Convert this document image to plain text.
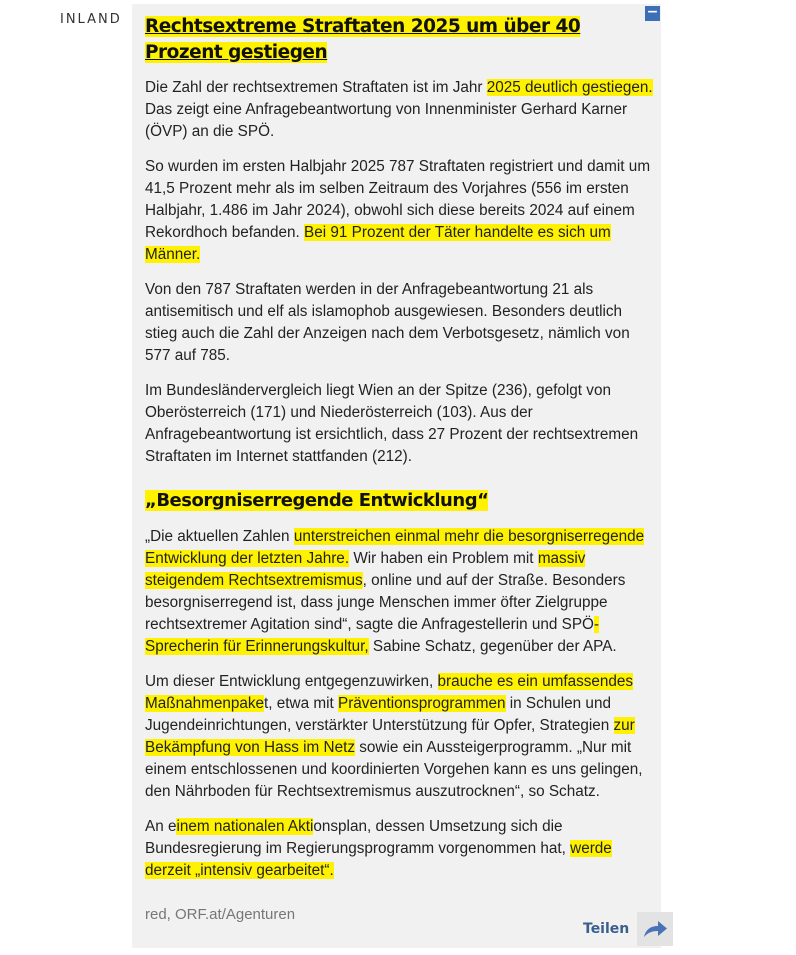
INLAND	−
Rechtsextreme Straftaten 2025 um über 40 Prozent gestiegen

Die Zahl der rechtsextremen Straftaten ist im Jahr 2025 deutlich gestiegen. Das zeigt eine Anfragebeantwortung von Innenminister Gerhard Karner (ÖVP) an die SPÖ.

So wurden im ersten Halbjahr 2025 787 Straftaten registriert und damit um 41,5 Prozent mehr als im selben Zeitraum des Vorjahres (556 im ersten Halbjahr, 1.486 im Jahr 2024), obwohl sich diese bereits 2024 auf einem Rekordhoch befanden. Bei 91 Prozent der Täter handelte es sich um Männer.

Von den 787 Straftaten werden in der Anfragebeantwortung 21 als antisemitisch und elf als islamophob ausgewiesen. Besonders deutlich stieg auch die Zahl der Anzeigen nach dem Verbotsgesetz, nämlich von 577 auf 785.

Im Bundesländervergleich liegt Wien an der Spitze (236), gefolgt von Oberösterreich (171) und Niederösterreich (103). Aus der Anfragebeantwortung ist ersichtlich, dass 27 Prozent der rechtsextremen Straftaten im Internet stattfanden (212).

„Besorgniserregende Entwicklung“

„Die aktuellen Zahlen unterstreichen einmal mehr die besorgniserregende Entwicklung der letzten Jahre. Wir haben ein Problem mit massiv steigendem Rechtsextremismus, online und auf der Straße. Besonders besorgniserregend ist, dass junge Menschen immer öfter Zielgruppe rechtsextremer Agitation sind“, sagte die Anfragestellerin und SPÖ-Sprecherin für Erinnerungskultur, Sabine Schatz, gegenüber der APA.

Um dieser Entwicklung entgegenzuwirken, brauche es ein umfassendes Maßnahmenpaket, etwa mit Präventionsprogrammen in Schulen und Jugendeinrichtungen, verstärkter Unterstützung für Opfer, Strategien zur Bekämpfung von Hass im Netz sowie ein Aussteigerprogramm. „Nur mit einem entschlossenen und koordinierten Vorgehen kann es uns gelingen, den Nährboden für Rechtsextremismus auszutrocknen“, so Schatz.

An einem nationalen Aktionsplan, dessen Umsetzung sich die Bundesregierung im Regierungsprogramm vorgenommen hat, werde derzeit „intensiv gearbeitet“.

red, ORF.at/Agenturen
Teilen
